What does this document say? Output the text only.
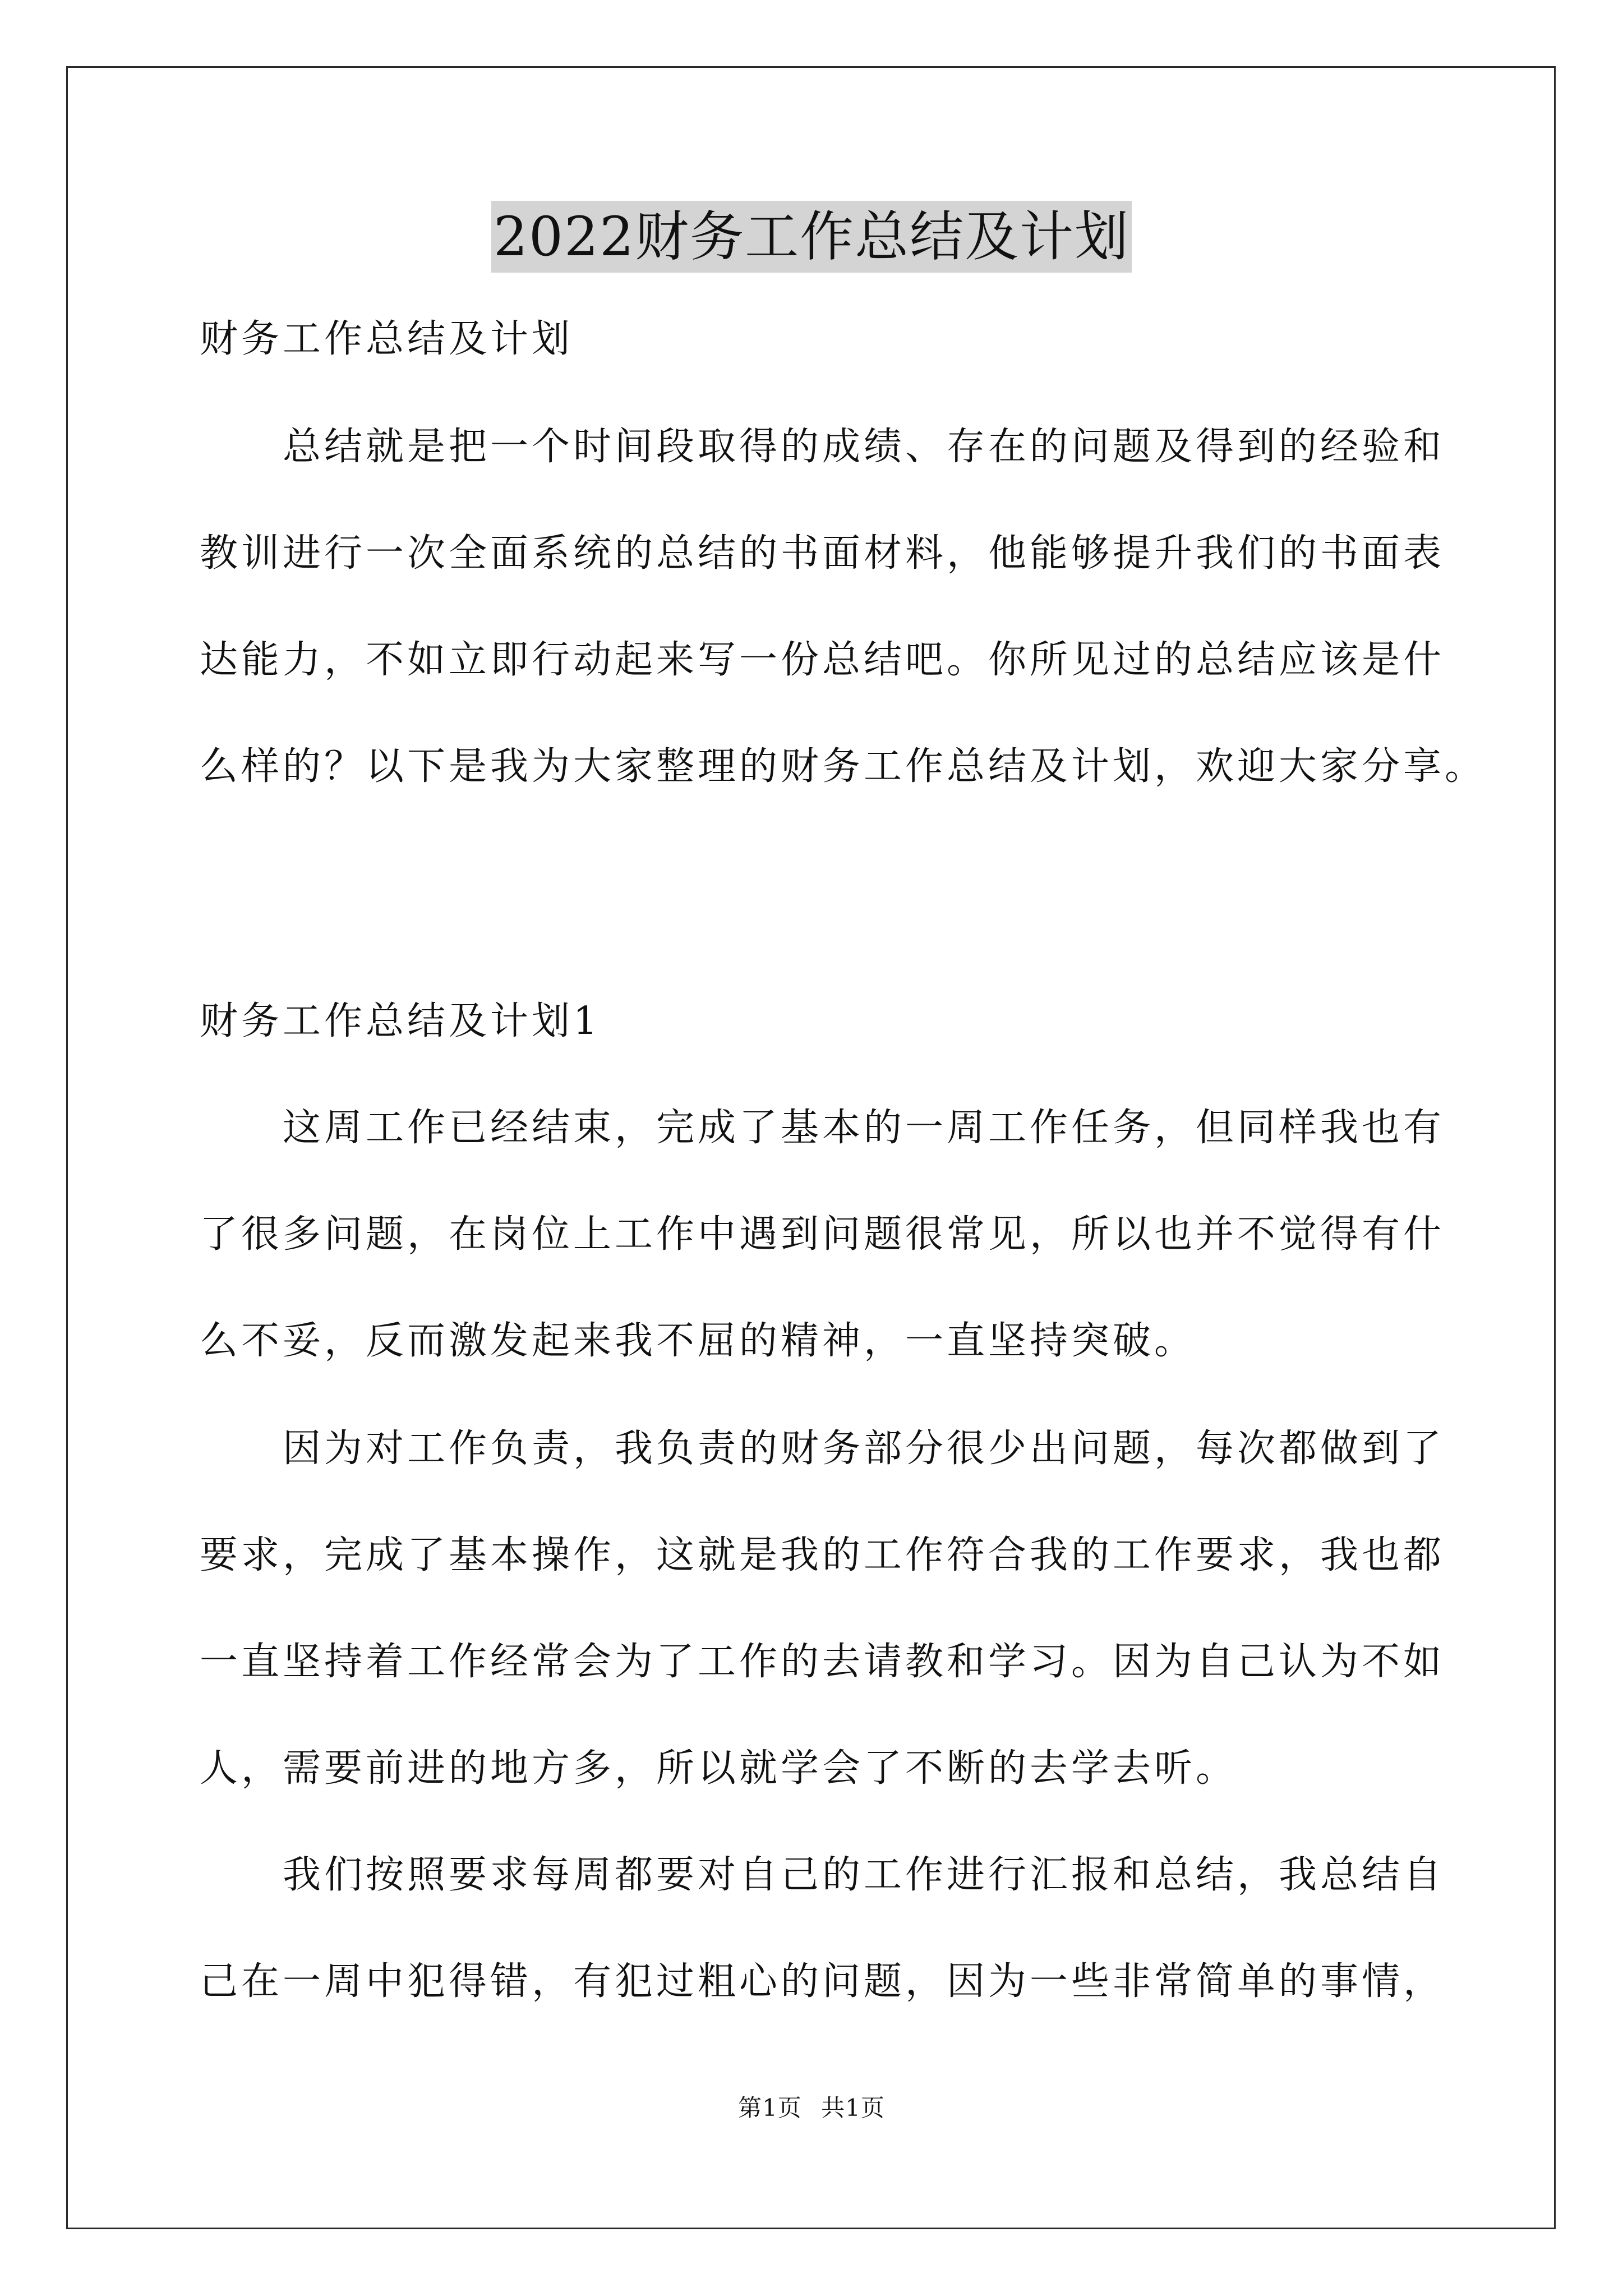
2022财务工作总结及计划
财务工作总结及计划
　　总结就是把一个时间段取得的成绩、存在的问题及得到的经验和
教训进行一次全面系统的总结的书面材料，他能够提升我们的书面表
达能力，不如立即行动起来写一份总结吧。你所见过的总结应该是什
么样的？以下是我为大家整理的财务工作总结及计划，欢迎大家分享。
财务工作总结及计划1
　　这周工作已经结束，完成了基本的一周工作任务，但同样我也有
了很多问题，在岗位上工作中遇到问题很常见，所以也并不觉得有什
么不妥，反而激发起来我不屈的精神，一直坚持突破。
　　因为对工作负责，我负责的财务部分很少出问题，每次都做到了
要求，完成了基本操作，这就是我的工作符合我的工作要求，我也都
一直坚持着工作经常会为了工作的去请教和学习。因为自己认为不如
人，需要前进的地方多，所以就学会了不断的去学去听。
　　我们按照要求每周都要对自己的工作进行汇报和总结，我总结自
己在一周中犯得错，有犯过粗心的问题，因为一些非常简单的事情，
第1页 共1页
